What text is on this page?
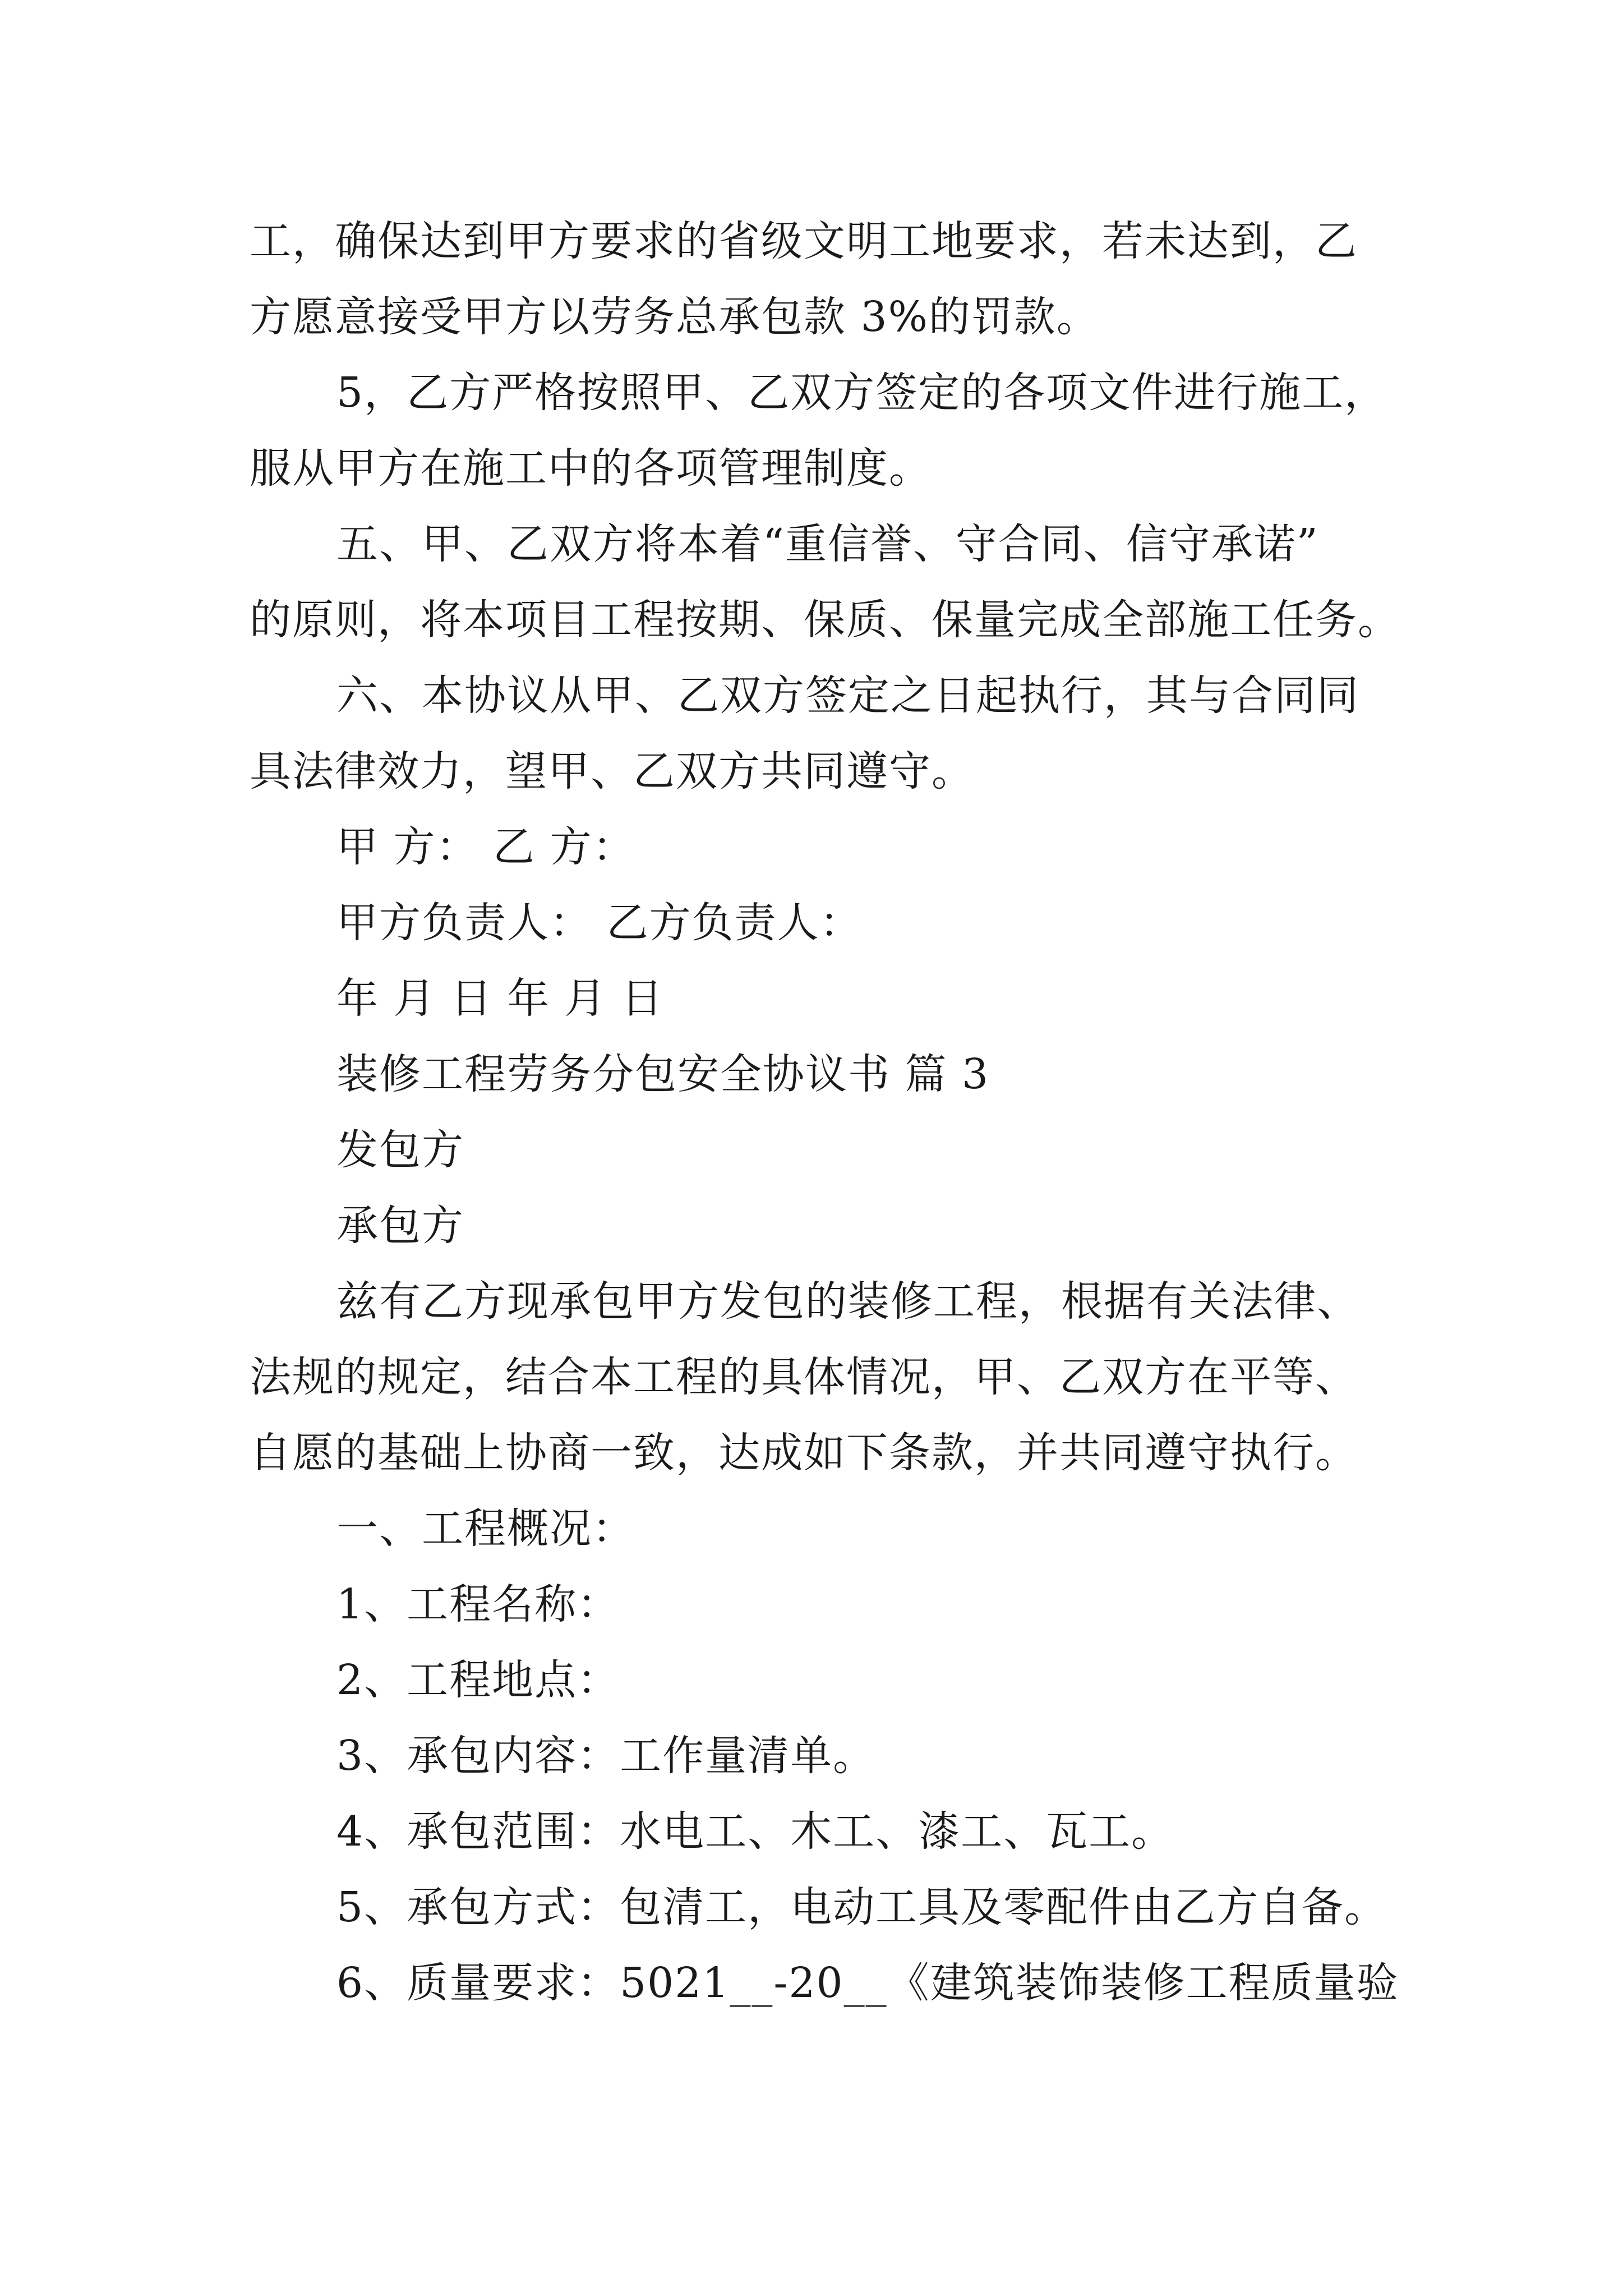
工，确保达到甲方要求的省级文明工地要求，若未达到，乙
方愿意接受甲方以劳务总承包款 3%的罚款。
5，乙方严格按照甲、乙双方签定的各项文件进行施工，
服从甲方在施工中的各项管理制度。
五、甲、乙双方将本着“重信誉、守合同、信守承诺”
的原则，将本项目工程按期、保质、保量完成全部施工任务。
六、本协议从甲、乙双方签定之日起执行，其与合同同
具法律效力，望甲、乙双方共同遵守。
甲 方： 乙 方：
甲方负责人： 乙方负责人：
年 月 日 年 月 日
装修工程劳务分包安全协议书 篇 3
发包方
承包方
兹有乙方现承包甲方发包的装修工程，根据有关法律、
法规的规定，结合本工程的具体情况，甲、乙双方在平等、
自愿的基础上协商一致，达成如下条款，并共同遵守执行。
一、工程概况：
1、工程名称：
2、工程地点：
3、承包内容：工作量清单。
4、承包范围：水电工、木工、漆工、瓦工。
5、承包方式：包清工，电动工具及零配件由乙方自备。
6、质量要求：5021__-20__《建筑装饰装修工程质量验
